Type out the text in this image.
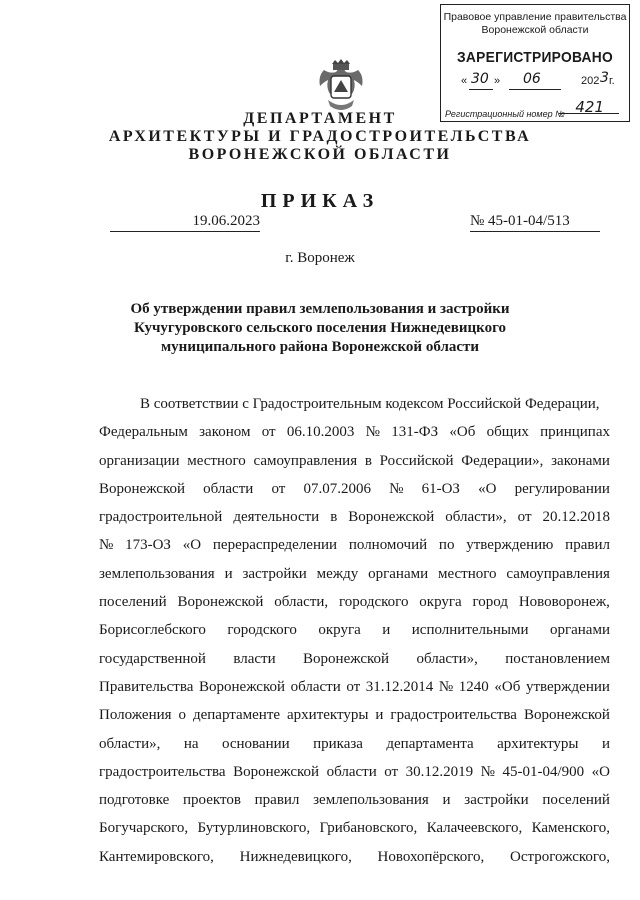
Правовое управление правительства
Воронежской области
ЗАРЕГИСТРИРОВАНО
« 30 » 06	202 3 г.
Регистрационный номер № 421
ДЕПАРТАМЕНТ
АРХИТЕКТУРЫ И ГРАДОСТРОИТЕЛЬСТВА
ВОРОНЕЖСКОЙ ОБЛАСТИ
ПРИКАЗ
19.06.2023	№ 45-01-04/513
г. Воронеж
Об утверждении правил землепользования и застройки Кучугуровского сельского поселения Нижнедевицкого муниципального района Воронежской области
В соответствии с Градостроительным кодексом Российской Федерации,
Федеральным законом от 06.10.2003 № 131-ФЗ «Об общих принципах
организации местного самоуправления в Российской Федерации», законами
Воронежской области от 07.07.2006 № 61-ОЗ «О регулировании
градостроительной деятельности в Воронежской области», от 20.12.2018
№ 173-ОЗ «О перераспределении полномочий по утверждению правил
землепользования и застройки между органами местного самоуправления
поселений Воронежской области, городского округа город Нововоронеж,
Борисоглебского городского округа и исполнительными органами
государственной власти Воронежской области», постановлением
Правительства Воронежской области от 31.12.2014 № 1240 «Об утверждении
Положения о департаменте архитектуры и градостроительства Воронежской
области», на основании приказа департамента архитектуры и
градостроительства Воронежской области от 30.12.2019 № 45-01-04/900 «О
подготовке проектов правил землепользования и застройки поселений
Богучарского, Бутурлиновского, Грибановского, Калачеевского, Каменского,
Кантемировского, Нижнедевицкого, Новохопёрского, Острогожского,
